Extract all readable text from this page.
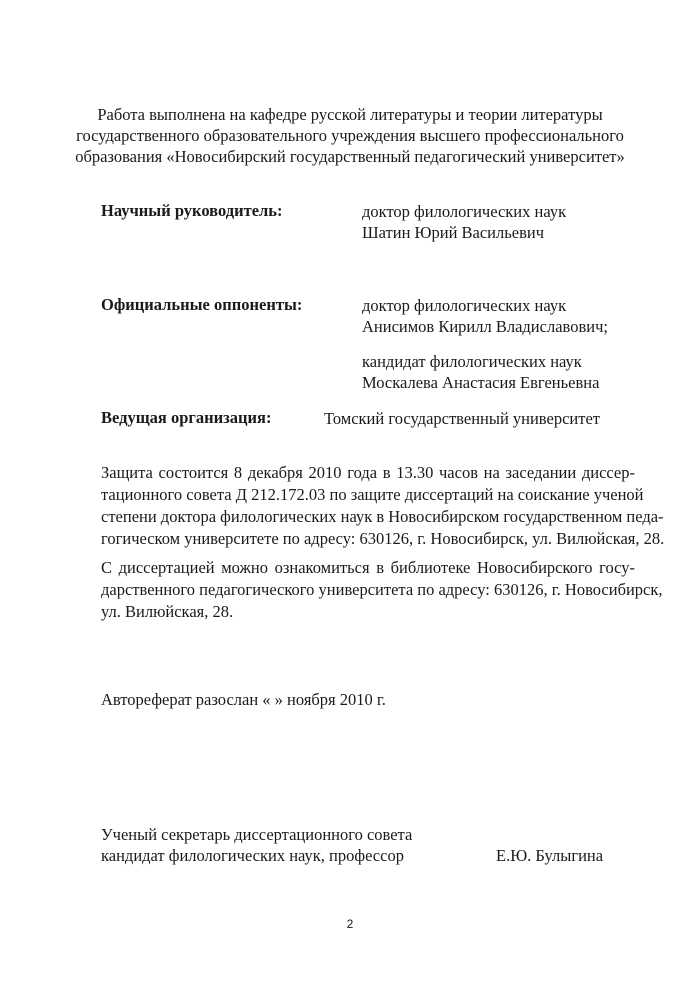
Работа выполнена на кафедре русской литературы и теории литературы
государственного образовательного учреждения высшего профессионального
образования «Новосибирский государственный педагогический университет»
Научный руководитель:	доктор филологических наук
Шатин Юрий Васильевич
Официальные оппоненты:	доктор филологических наук
Анисимов Кирилл Владиславович;
кандидат филологических наук
Москалева Анастасия Евгеньевна
Ведущая организация:	Томский государственный университет
Защита состоится 8 декабря 2010 года в 13.30 часов на заседании диссер-
тационного совета Д 212.172.03 по защите диссертаций на соискание ученой
степени доктора филологических наук в Новосибирском государственном педа-
гогическом университете по адресу: 630126, г. Новосибирск, ул. Вилюйская, 28.
С диссертацией можно ознакомиться в библиотеке Новосибирского госу-
дарственного педагогического университета по адресу: 630126, г. Новосибирск,
ул. Вилюйская, 28.
Автореферат разослан « » ноября 2010 г.
Ученый секретарь диссертационного совета
кандидат филологических наук, профессор	Е.Ю. Булыгина
2
